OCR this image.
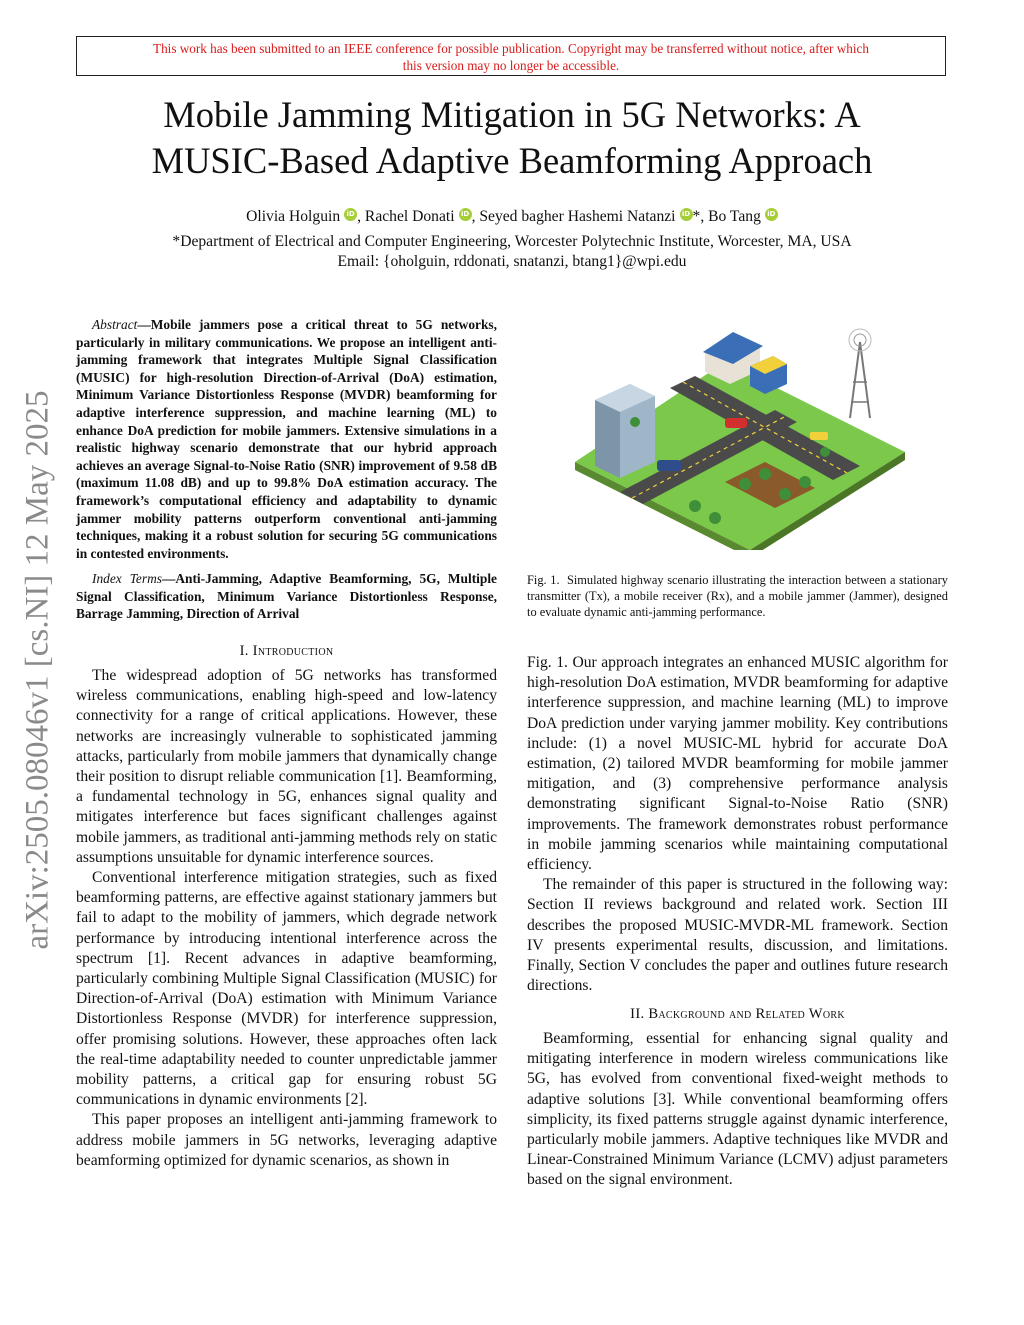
This work has been submitted to an IEEE conference for possible publication. Copyright may be transferred without notice, after which
this version may no longer be accessible.
Mobile Jamming Mitigation in 5G Networks: A
MUSIC-Based Adaptive Beamforming Approach
Olivia Holguin iD , Rachel Donati iD , Seyed bagher Hashemi Natanzi iD *, Bo Tang iD
*Department of Electrical and Computer Engineering, Worcester Polytechnic Institute, Worcester, MA, USA
Email: {oholguin, rddonati, snatanzi, btang1}@wpi.edu
arXiv:2505.08046v1 [cs.NI] 12 May 2025

Abstract—Mobile jammers pose a critical threat to 5G networks, particularly in military communications. We propose an intelligent anti-jamming framework that integrates Multiple Signal Classification (MUSIC) for high-resolution Direction-of-Arrival (DoA) estimation, Minimum Variance Distortionless Response (MVDR) beamforming for adaptive interference suppression, and machine learning (ML) to enhance DoA prediction for mobile jammers. Extensive simulations in a realistic highway scenario demonstrate that our hybrid approach achieves an average Signal-to-Noise Ratio (SNR) improvement of 9.58 dB (maximum 11.08 dB) and up to 99.8% DoA estimation accuracy. The framework’s computational efficiency and adaptability to dynamic jammer mobility patterns outperform conventional anti-jamming techniques, making it a robust solution for securing 5G communications in contested environments.

Index Terms—Anti-Jamming, Adaptive Beamforming, 5G, Multiple Signal Classification, Minimum Variance Distortionless Response, Barrage Jamming, Direction of Arrival

I. Introduction

The widespread adoption of 5G networks has transformed wireless communications, enabling high-speed and low-latency connectivity for a range of critical applications. However, these networks are increasingly vulnerable to sophisticated jamming attacks, particularly from mobile jammers that dynamically change their position to disrupt reliable communication [1]. Beamforming, a fundamental technology in 5G, enhances signal quality and mitigates interference but faces significant challenges against mobile jammers, as traditional anti-jamming methods rely on static assumptions unsuitable for dynamic interference sources.

Conventional interference mitigation strategies, such as fixed beamforming patterns, are effective against stationary jammers but fail to adapt to the mobility of jammers, which degrade network performance by introducing intentional interference across the spectrum [1]. Recent advances in adaptive beamforming, particularly combining Multiple Signal Classification (MUSIC) for Direction-of-Arrival (DoA) estimation with Minimum Variance Distortionless Response (MVDR) for interference suppression, offer promising solutions. However, these approaches often lack the real-time adaptability needed to counter unpredictable jammer mobility patterns, a critical gap for ensuring robust 5G communications in dynamic environments [2].

This paper proposes an intelligent anti-jamming framework to address mobile jammers in 5G networks, leveraging adaptive beamforming optimized for dynamic scenarios, as shown in

Fig. 1. Simulated highway scenario illustrating the interaction between a stationary transmitter (Tx), a mobile receiver (Rx), and a mobile jammer (Jammer), designed to evaluate dynamic anti-jamming performance.

Fig. 1. Our approach integrates an enhanced MUSIC algorithm for high-resolution DoA estimation, MVDR beamforming for adaptive interference suppression, and machine learning (ML) to improve DoA prediction under varying jammer mobility. Key contributions include: (1) a novel MUSIC-ML hybrid for accurate DoA estimation, (2) tailored MVDR beamforming for mobile jammer mitigation, and (3) comprehensive performance analysis demonstrating significant Signal-to-Noise Ratio (SNR) improvements. The framework demonstrates robust performance in mobile jamming scenarios while maintaining computational efficiency.

The remainder of this paper is structured in the following way: Section II reviews background and related work. Section III describes the proposed MUSIC-MVDR-ML framework. Section IV presents experimental results, discussion, and limitations. Finally, Section V concludes the paper and outlines future research directions.

II. Background and Related Work

Beamforming, essential for enhancing signal quality and mitigating interference in modern wireless communications like 5G, has evolved from conventional fixed-weight methods to adaptive solutions [3]. While conventional beamforming offers simplicity, its fixed patterns struggle against dynamic interference, particularly mobile jammers. Adaptive techniques like MVDR and Linear-Constrained Minimum Variance (LCMV) adjust parameters based on the signal environment.
